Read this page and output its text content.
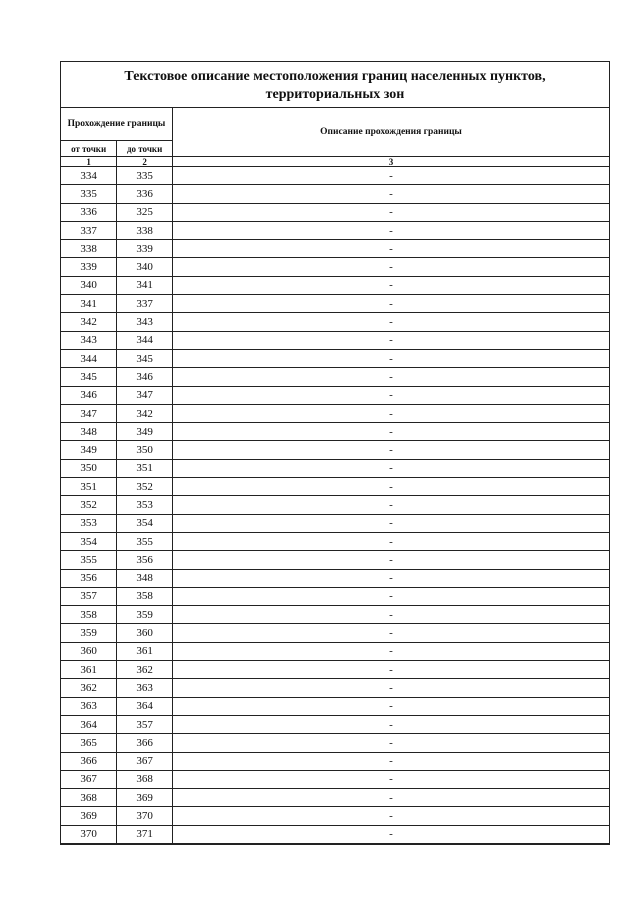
Текстовое описание местоположения границ населенных пунктов,
территориальных зон
Прохождение границы		Описание прохождения границы
от точки	до точки	
1	2	3
334	335	-
335	336	-
336	325	-
337	338	-
338	339	-
339	340	-
340	341	-
341	337	-
342	343	-
343	344	-
344	345	-
345	346	-
346	347	-
347	342	-
348	349	-
349	350	-
350	351	-
351	352	-
352	353	-
353	354	-
354	355	-
355	356	-
356	348	-
357	358	-
358	359	-
359	360	-
360	361	-
361	362	-
362	363	-
363	364	-
364	357	-
365	366	-
366	367	-
367	368	-
368	369	-
369	370	-
370	371	-
